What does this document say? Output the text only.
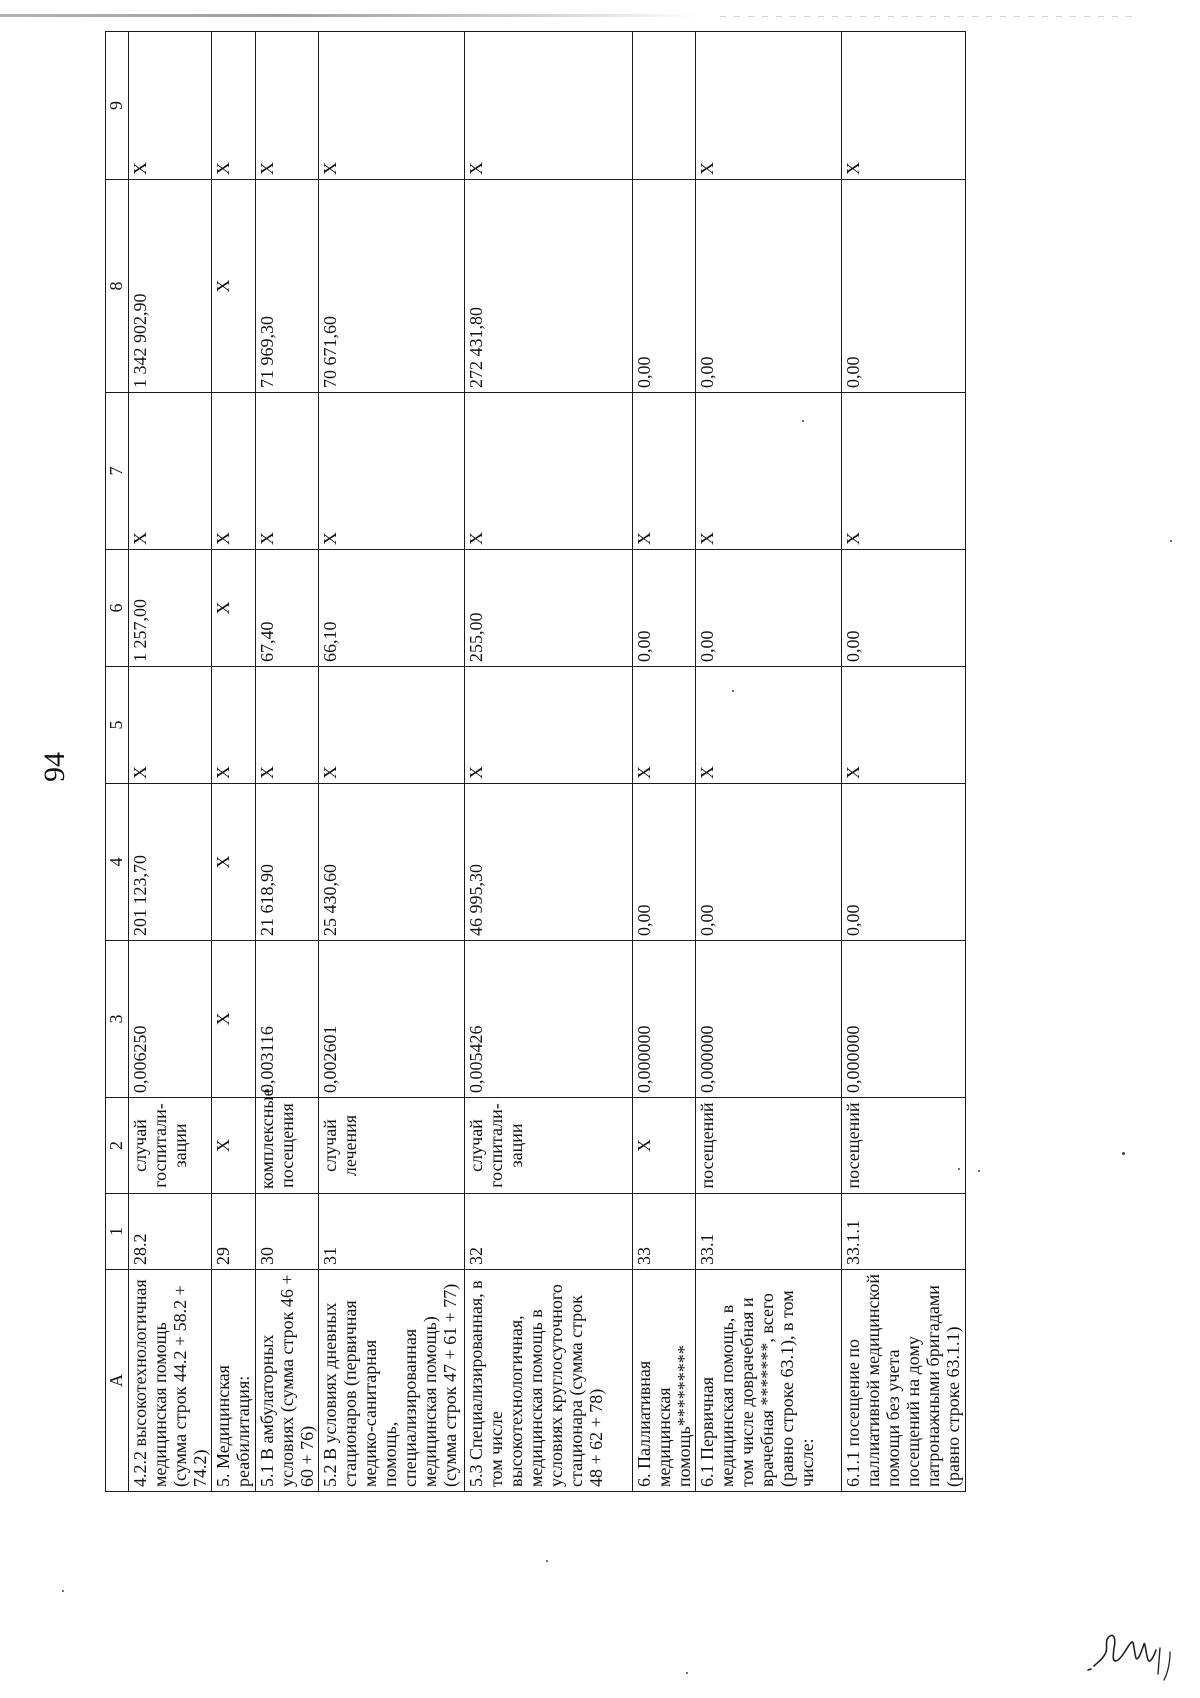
94
A	1	2	3	4	5	6	7	8	9
4.2.2 высокотехнологичная медицинская помощь (сумма строк 44.2 + 58.2 + 74.2)	28.2	случай госпитали-зации	0,006250	201 123,70	X	1 257,00	X	1 342 902,90	X
5. Медицинская реабилитация:	29	X	X	X	X	X	X	X	X
5.1 В амбулаторных условиях (сумма строк 46 + 60 + 76)	30	комплексные посещения	0,003116	21 618,90	X	67,40	X	71 969,30	X
5.2 В условиях дневных стационаров (первичная медико-санитарная помощь, специализированная медицинская помощь) (сумма строк 47 + 61 + 77)	31	случай лечения	0,002601	25 430,60	X	66,10	X	70 671,60	X
5.3 Специализированная, в том числе высокотехнологичная, медицинская помощь в условиях круглосуточного стационара (сумма строк 48 + 62 + 78)	32	случай госпитали-зации	0,005426	46 995,30	X	255,00	X	272 431,80	X
6. Паллиативная медицинская помощь*********	33	X	0,000000	0,00	X	0,00	X	0,00	
6.1 Первичная медицинская помощь, в том числе доврачебная и врачебная *******, всего (равно строке 63.1), в том числе:	33.1	посещений	0,000000	0,00	X	0,00	X	0,00	X
6.1.1 посещение по паллиативной медицинской помощи без учета посещений на дому патронажными бригадами (равно строке 63.1.1)	33.1.1	посещений	0,000000	0,00	X	0,00	X	0,00	X
